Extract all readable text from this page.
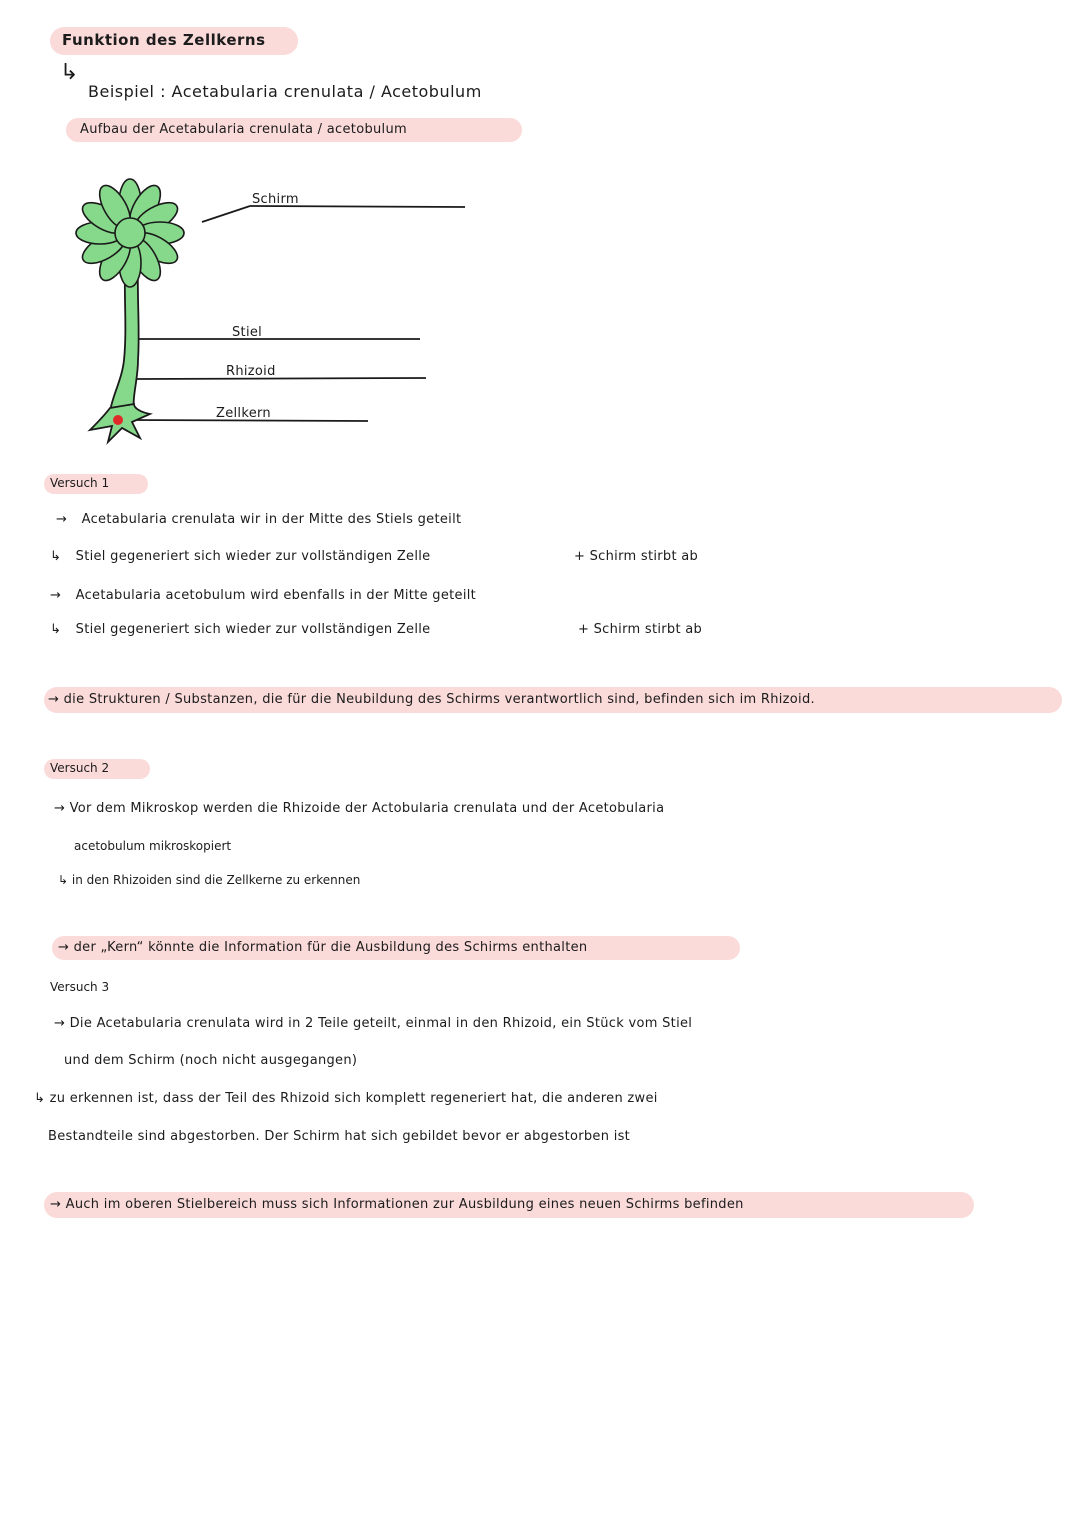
Funktion des Zellkerns
↳
Beispiel : Acetabularia crenulata / Acetobulum
Aufbau der Acetabularia crenulata / acetobulum
Schirm
Stiel
Rhizoid
Zellkern
Versuch 1
→ Acetabularia crenulata wir in der Mitte des Stiels geteilt
↳ Stiel gegeneriert sich wieder zur vollständigen Zelle	+ Schirm stirbt ab
→ Acetabularia acetobulum wird ebenfalls in der Mitte geteilt
↳ Stiel gegeneriert sich wieder zur vollständigen Zelle	+ Schirm stirbt ab
→ die Strukturen / Substanzen, die für die Neubildung des Schirms verantwortlich sind, befinden sich im Rhizoid.
Versuch 2
→ Vor dem Mikroskop werden die Rhizoide der Actobularia crenulata und der Acetobularia
acetobulum mikroskopiert
↳ in den Rhizoiden sind die Zellkerne zu erkennen
→ der „Kern“ könnte die Information für die Ausbildung des Schirms enthalten
Versuch 3
→ Die Acetabularia crenulata wird in 2 Teile geteilt, einmal in den Rhizoid, ein Stück vom Stiel
und dem Schirm (noch nicht ausgegangen)
↳ zu erkennen ist, dass der Teil des Rhizoid sich komplett regeneriert hat, die anderen zwei
Bestandteile sind abgestorben. Der Schirm hat sich gebildet bevor er abgestorben ist
→ Auch im oberen Stielbereich muss sich Informationen zur Ausbildung eines neuen Schirms befinden
